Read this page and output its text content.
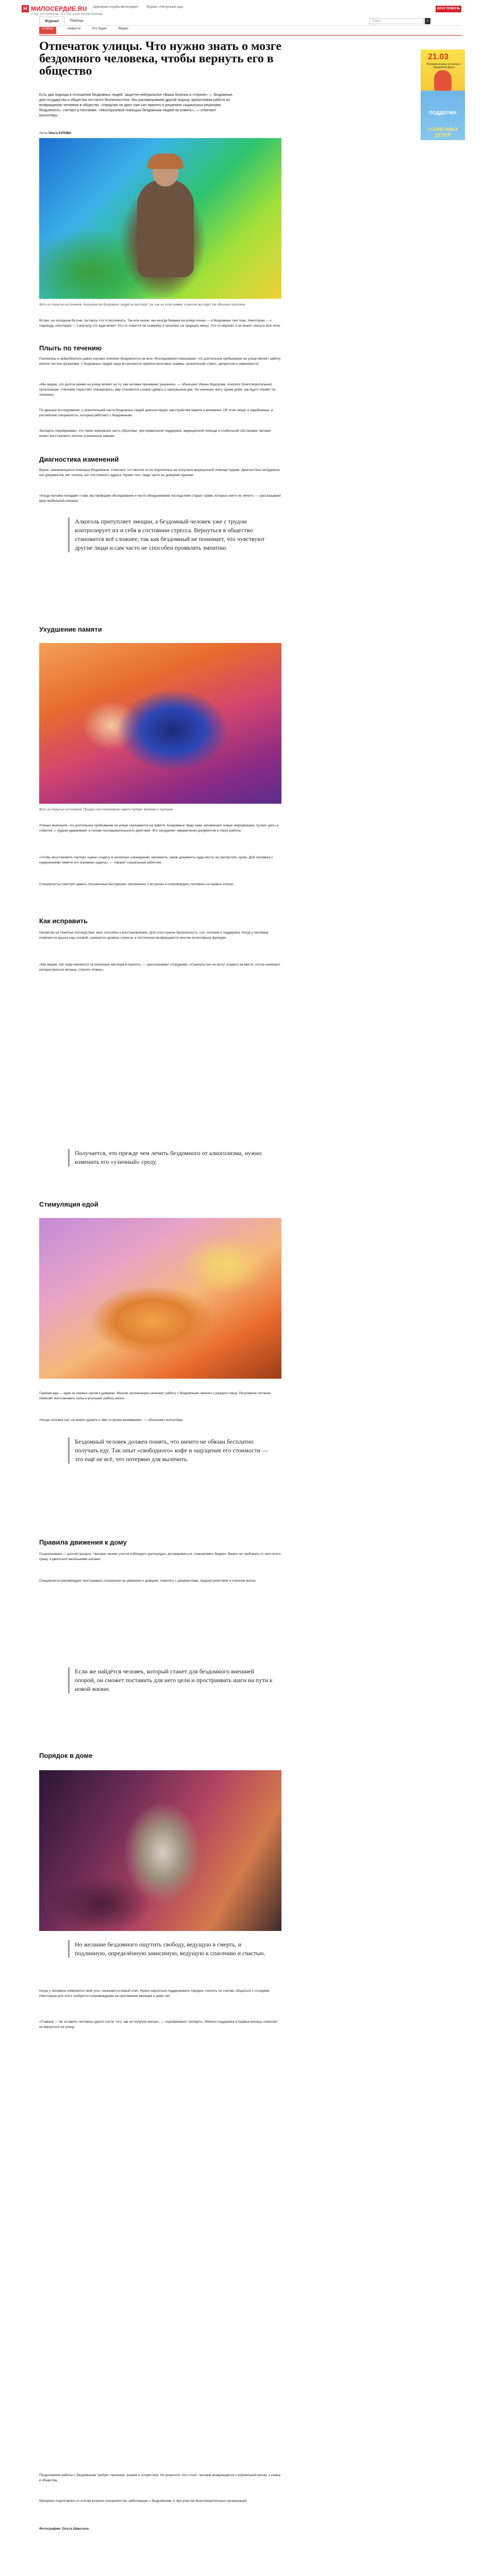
Н МИЛОСЕРДИЕ.RU
О ТЕХ, КТО ПОМОГАЕТ, И О ТЕХ, КОМУ НУЖНА ПОМОЩЬ
Церковная служба милосердия	Журнал «Нескучный сад»	ХОЧУ ПОМОЧЬ
Журнал	Помощь	Поиск	⌕
Статьи	Новости	Что будет	Видео
21.03
Всемирный день человека с синдромом Дауна
ПОДДЕРЖИ
СОЛНЕЧНЫХ ДЕТЕЙ
Отпечаток улицы. Что нужно знать о мозге бездомного человека, чтобы вернуть его в общество

Есть два подхода в отношении бездомных людей: защитно-нейтральное «Ваша болезнь в стороне» — бездомные, для государства и общества это нечто безличностное. Мы рассматриваем другой подход: кропотливая работа по возвращению человека в общество. «Нагрузки не дают нам сил принять в решениях социальных решениях бездомного», считают в Ночлежке. «Многоразовой помощью бездомным людям не помочь», — отвечают волонтёры.

Автор Ольга КУЛОВА

Фото из открытых источников. Большинство бездомных людей не выглядят так, как на этом снимке, а многие выглядят как обычные прохожие.

Встаю, на холодном бетоне, пытаюсь что-то вспомнить. Так или иначе, мы иногда бываем на улице ночью — и бездомные там тоже. Некоторые — к подъезду, некоторые — к вокзалу, кто куда может. Кто-то ложится на скамейку и засыпает на тридцать минут. Кто-то мёрзнет и не может заснуть всю ночь.

Плыть по течению

Психиатры и нейробиологи давно изучают влияние бездомности на мозг. Исследования показывают, что длительное пребывание на улице меняет работу многих систем организма. У бездомных людей чаще встречаются черепно-мозговые травмы, хронический стресс, депрессия и зависимости.

«Мы видим, что долгое время на улице влияет на то, как человек принимает решения», — объясняет Ирина Федорова, психолог благотворительной организации. «Человек перестаёт планировать, ему становится сложно думать о завтрашнем дне. Он начинает жить одним днём, как будто плывёт по течению».

По данным исследований, у значительной части бездомных людей диагностируют расстройства памяти и внимания. Об этом пишут и зарубежные, и российские специалисты, которые работают с бездомными.

Эксперты подчёркивают, что такие изменения часто обратимы: при правильной поддержке, медицинской помощи и стабильной обстановке человек может восстановить многие утраченные навыки.

Диагностика изменений

Врачи, занимающиеся помощью бездомным, отмечают, что многие из их подопечных не получали медицинской помощи годами. Диагностика затруднена: нет документов, нет полиса, нет постоянного адреса. Кроме того, люди часто не доверяют врачам.

«Когда человек попадает к нам, мы проводим обследование и часто обнаруживаем последствия старых травм, которые никто не лечил», — рассказывает врач мобильной клиники.

Алкоголь притупляет эмоции, а бездомный человек уже с трудом контролирует их и себя в состоянии стресса. Вернуться в общество становится всё сложнее, так как бездомный не понимает, что чувствуют другие люди и сам часто не способен проявлять эмпатию.
Ухудшение памяти

Фото из открытых источников. Процесс восстановления памяти требует времени и терпения.

Учёные выяснили, что длительное пребывание на улице сказывается на памяти. Бездомные люди хуже запоминают новую информацию, путают даты и события, с трудом удерживают в голове последовательность действий. Это затрудняет оформление документов и поиск работы.

«Чтобы восстановить паспорт, нужно сходить в несколько учреждений, запомнить, какие документы куда нести, не пропустить сроки. Для человека с нарушениями памяти это огромная задача», — говорит социальный работник.

Специалисты советуют давать письменные инструкции, напоминать о встречах и сопровождать человека на первых этапах.

Как исправить

Несмотря на тяжёлые последствия, мозг способен к восстановлению. Для этого нужны безопасность, сон, питание и поддержка. Когда у человека появляется крыша над головой, снижается уровень стресса, и постепенно возвращаются многие когнитивные функции.

«Мы видим, как люди меняются за несколько месяцев в приюте», — рассказывают сотрудники. «Сначала они не могут усидеть на месте, потом начинают интересоваться жизнью, строить планы».

Получается, что прежде чем лечить бездомного от алкоголизма, нужно изменить его «уличный» среду.
Стимуляция едой

Горячая еда — один из первых шагов к доверию. Многие организации начинают работу с бездомными именно с раздачи пищи. Регулярное питание помогает восстановить силы и улучшает работу мозга.

«Когда человек сыт, он может думать о чём-то кроме выживания», — объясняют волонтёры.

Бездомный человек должен понять, что ничего не обязан бесплатно получать еду. Так опыт «свободного» кофе и ощущение его стоимости — это ещё не всё, что потеряно для вылечить.
Правила движения к дому

Социализация — долгий процесс. Человек заново учится соблюдать распорядок, договариваться, планировать бюджет. Важно не требовать от него всего сразу, а двигаться маленькими шагами.

Специалисты рекомендуют выстраивать отношения на уважении и доверии, помогать с документами, трудоустройством и поиском жилья.

Если же найдётся человек, который станет для бездомного внешней опорой, он сможет поставить для него цели и простраивать шаги на пути к новой жизни.
Порядок в доме
Но желание бездомного ощутить свободу, ведущую в смерть, и подлинную, определённую зависимую, ведущую к спасению и счастью.

Когда у человека появляется свой угол, начинается новый этап. Нужно научиться поддерживать порядок, платить по счетам, общаться с соседями. Некоторым для этого требуется сопровождение на протяжении месяцев и даже лет.

«Главное — не оставить человека одного после того, как он получил жильё», — подчёркивают эксперты. Именно поддержка в первые месяцы помогает не вернуться на улицу.

Продолжение работы с бездомными требует терпения, знаний и сочувствия. Но результат того стоит: человек возвращается к нормальной жизни, к семье и обществу.

Материал подготовлен по итогам встречи специалистов, работающих с бездомными, и при участии благотворительных организаций.

Фотографии: Ольга Шмыгаль
